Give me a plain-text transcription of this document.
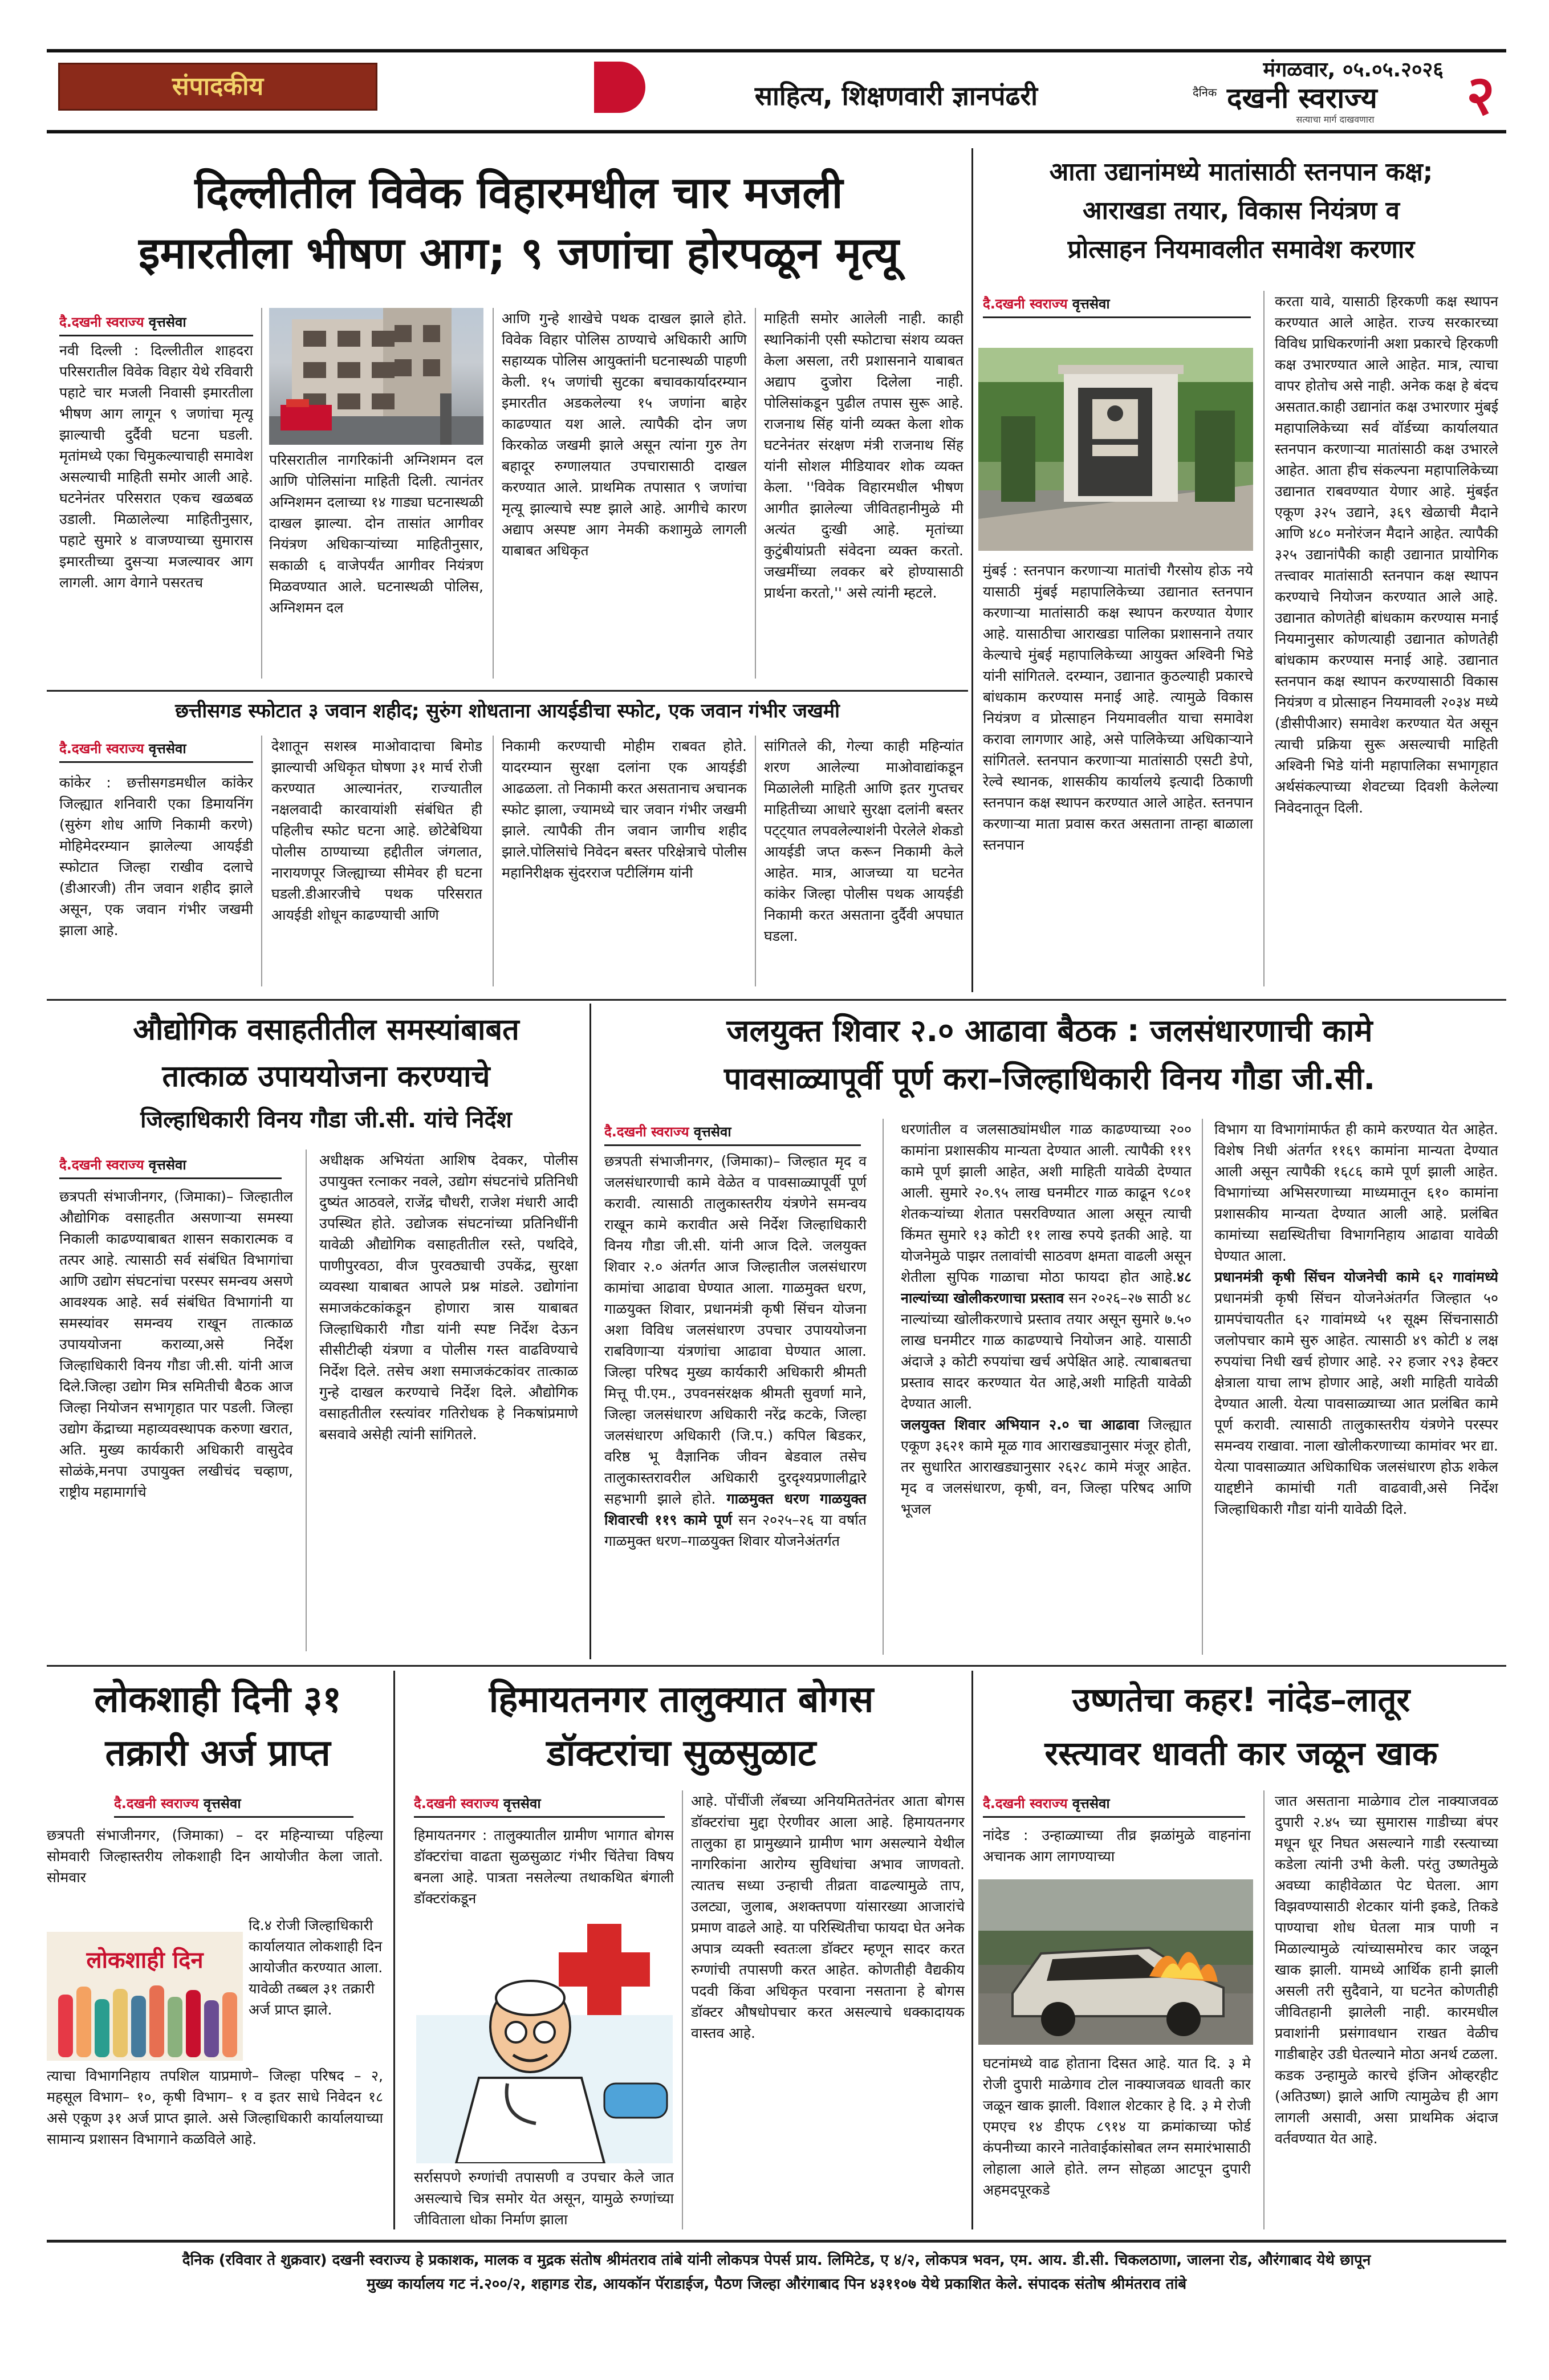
संपादकीय	साहित्य, शिक्षणवारी ज्ञानपंढरी
मंगळवार, ०५.०५.२०२६
दैनिक दखनी स्वराज्य
सत्याचा मार्ग दाखवणारा	२
दिल्लीतील विवेक विहारमधील चार मजली
इमारतीला भीषण आग; ९ जणांचा होरपळून मृत्यू
दै.दखनी स्वराज्य वृत्तसेवा

नवी दिल्ली : दिल्लीतील शाहदरा परिसरातील विवेक विहार येथे रविवारी पहाटे चार मजली निवासी इमारतीला भीषण आग लागून ९ जणांचा मृत्यू झाल्याची दुर्दैवी घटना घडली. मृतांमध्ये एका चिमुकल्याचाही समावेश असल्याची माहिती समोर आली आहे. घटनेनंतर परिसरात एकच खळबळ उडाली. मिळालेल्या माहितीनुसार, पहाटे सुमारे ४ वाजण्याच्या सुमारास इमारतीच्या दुसऱ्या मजल्यावर आग लागली. आग वेगाने पसरतच

परिसरातील नागरिकांनी अग्निशमन दल आणि पोलिसांना माहिती दिली. त्यानंतर अग्निशमन दलाच्या १४ गाड्या घटनास्थळी दाखल झाल्या. दोन तासांत आगीवर नियंत्रण अधिकाऱ्यांच्या माहितीनुसार, सकाळी ६ वाजेपर्यंत आगीवर नियंत्रण मिळवण्यात आले. घटनास्थळी पोलिस, अग्निशमन दल

आणि गुन्हे शाखेचे पथक दाखल झाले होते. विवेक विहार पोलिस ठाण्याचे अधिकारी आणि सहाय्यक पोलिस आयुक्तांनी घटनास्थळी पाहणी केली. १५ जणांची सुटका बचावकार्यादरम्यान इमारतीत अडकलेल्या १५ जणांना बाहेर काढण्यात यश आले. त्यापैकी दोन जण किरकोळ जखमी झाले असून त्यांना गुरु तेग बहादूर रुग्णालयात उपचारासाठी दाखल करण्यात आले. प्राथमिक तपासात ९ जणांचा मृत्यू झाल्याचे स्पष्ट झाले आहे. आगीचे कारण अद्याप अस्पष्ट आग नेमकी कशामुळे लागली याबाबत अधिकृत

माहिती समोर आलेली नाही. काही स्थानिकांनी एसी स्फोटाचा संशय व्यक्त केला असला, तरी प्रशासनाने याबाबत अद्याप दुजोरा दिलेला नाही. पोलिसांकडून पुढील तपास सुरू आहे. राजनाथ सिंह यांनी व्यक्त केला शोक घटनेनंतर संरक्षण मंत्री राजनाथ सिंह यांनी सोशल मीडियावर शोक व्यक्त केला. ''विवेक विहारमधील भीषण आगीत झालेल्या जीवितहानीमुळे मी अत्यंत दुःखी आहे. मृतांच्या कुटुंबीयांप्रती संवेदना व्यक्त करतो. जखमींच्या लवकर बरे होण्यासाठी प्रार्थना करतो,'' असे त्यांनी म्हटले.

छत्तीसगड स्फोटात ३ जवान शहीद; सुरुंग शोधताना आयईडीचा स्फोट, एक जवान गंभीर जखमी
दै.दखनी स्वराज्य वृत्तसेवा

कांकेर : छत्तीसगडमधील कांकेर जिल्ह्यात शनिवारी एका डिमायनिंग (सुरुंग शोध आणि निकामी करणे) मोहिमेदरम्यान झालेल्या आयईडी स्फोटात जिल्हा राखीव दलाचे (डीआरजी) तीन जवान शहीद झाले असून, एक जवान गंभीर जखमी झाला आहे.

देशातून सशस्त्र माओवादाचा बिमोड झाल्याची अधिकृत घोषणा ३१ मार्च रोजी करण्यात आल्यानंतर, राज्यातील नक्षलवादी कारवायांशी संबंधित ही पहिलीच स्फोट घटना आहे. छोटेबेथिया पोलीस ठाण्याच्या हद्दीतील जंगलात, नारायणपूर जिल्ह्याच्या सीमेवर ही घटना घडली.डीआरजीचे पथक परिसरात आयईडी शोधून काढण्याची आणि

निकामी करण्याची मोहीम राबवत होते. यादरम्यान सुरक्षा दलांना एक आयईडी आढळला. तो निकामी करत असतानाच अचानक स्फोट झाला, ज्यामध्ये चार जवान गंभीर जखमी झाले. त्यापैकी तीन जवान जागीच शहीद झाले.पोलिसांचे निवेदन बस्तर परिक्षेत्राचे पोलीस महानिरीक्षक सुंदरराज पटीलिंगम यांनी

सांगितले की, गेल्या काही महिन्यांत शरण आलेल्या माओवाद्यांकडून मिळालेली माहिती आणि इतर गुप्तचर माहितीच्या आधारे सुरक्षा दलांनी बस्तर पट्ट्यात लपवलेल्याशंनी पेरलेले शेकडो आयईडी जप्त करून निकामी केले आहेत. मात्र, आजच्या या घटनेत कांकेर जिल्हा पोलीस पथक आयईडी निकामी करत असताना दुर्दैवी अपघात घडला.

आता उद्यानांमध्ये मातांसाठी स्तनपान कक्ष;
आराखडा तयार, विकास नियंत्रण व
प्रोत्साहन नियमावलीत समावेश करणार
दै.दखनी स्वराज्य वृत्तसेवा

मुंबई : स्तनपान करणाऱ्या मातांची गैरसोय होऊ नये यासाठी मुंबई महापालिकेच्या उद्यानात स्तनपान करणाऱ्या मातांसाठी कक्ष स्थापन करण्यात येणार आहे. यासाठीचा आराखडा पालिका प्रशासनाने तयार केल्याचे मुंबई महापालिकेच्या आयुक्त अश्विनी भिडे यांनी सांगितले. दरम्यान, उद्यानात कुठल्याही प्रकारचे बांधकाम करण्यास मनाई आहे. त्यामुळे विकास नियंत्रण व प्रोत्साहन नियमावलीत याचा समावेश करावा लागणार आहे, असे पालिकेच्या अधिकाऱ्याने सांगितले. स्तनपान करणाऱ्या मातांसाठी एसटी डेपो, रेल्वे स्थानक, शासकीय कार्यालये इत्यादी ठिकाणी स्तनपान कक्ष स्थापन करण्यात आले आहेत. स्तनपान करणाऱ्या माता प्रवास करत असताना तान्हा बाळाला स्तनपान

करता यावे, यासाठी हिरकणी कक्ष स्थापन करण्यात आले आहेत. राज्य सरकारच्या विविध प्राधिकरणांनी अशा प्रकारचे हिरकणी कक्ष उभारण्यात आले आहेत. मात्र, त्याचा वापर होतोच असे नाही. अनेक कक्ष हे बंदच असतात.काही उद्यानांत कक्ष उभारणार मुंबई महापालिकेच्या सर्व वॉर्डच्या कार्यालयात स्तनपान करणाऱ्या मातांसाठी कक्ष उभारले आहेत. आता हीच संकल्पना महापालिकेच्या उद्यानात राबवण्यात येणार आहे. मुंबईत एकूण ३२५ उद्याने, ३६९ खेळाची मैदाने आणि ४८० मनोरंजन मैदाने आहेत. त्यापैकी ३२५ उद्यानांपैकी काही उद्यानात प्रायोगिक तत्त्वावर मातांसाठी स्तनपान कक्ष स्थापन करण्याचे नियोजन करण्यात आले आहे. उद्यानात कोणतेही बांधकाम करण्यास मनाई नियमानुसार कोणत्याही उद्यानात कोणतेही बांधकाम करण्यास मनाई आहे. उद्यानात स्तनपान कक्ष स्थापन करण्यासाठी विकास नियंत्रण व प्रोत्साहन नियमावली २०३४ मध्ये (डीसीपीआर) समावेश करण्यात येत असून त्याची प्रक्रिया सुरू असल्याची माहिती अश्विनी भिडे यांनी महापालिका सभागृहात अर्थसंकल्पाच्या शेवटच्या दिवशी केलेल्या निवेदनातून दिली.

औद्योगिक वसाहतीतील समस्यांबाबत
तात्काळ उपाययोजना करण्याचे
जिल्हाधिकारी विनय गौडा जी.सी. यांचे निर्देश
दै.दखनी स्वराज्य वृत्तसेवा

छत्रपती संभाजीनगर, (जिमाका)– जिल्हातील औद्योगिक वसाहतीत असणाऱ्या समस्या निकाली काढण्याबाबत शासन सकारात्मक व तत्पर आहे. त्यासाठी सर्व संबंधित विभागांचा आणि उद्योग संघटनांचा परस्पर समन्वय असणे आवश्यक आहे. सर्व संबंधित विभागांनी या समस्यांवर समन्वय राखून तात्काळ उपाययोजना कराव्या,असे निर्देश जिल्हाधिकारी विनय गौडा जी.सी. यांनी आज दिले.जिल्हा उद्योग मित्र समितीची बैठक आज जिल्हा नियोजन सभागृहात पार पडली. जिल्हा उद्योग केंद्राच्या महाव्यवस्थापक करुणा खरात, अति. मुख्य कार्यकारी अधिकारी वासुदेव सोळंके,मनपा उपायुक्त लखीचंद चव्हाण, राष्ट्रीय महामार्गाचे

अधीक्षक अभियंता आशिष देवकर, पोलीस उपायुक्त रत्नाकर नवले, उद्योग संघटनांचे प्रतिनिधी दुष्यंत आठवले, राजेंद्र चौधरी, राजेश मंधारी आदी उपस्थित होते. उद्योजक संघटनांच्या प्रतिनिधींनी यावेळी औद्योगिक वसाहतीतील रस्ते, पथदिवे, पाणीपुरवठा, वीज पुरवठ्याची उपकेंद्र, सुरक्षा व्यवस्था याबाबत आपले प्रश्न मांडले. उद्योगांना समाजकंटकांकडून होणारा त्रास याबाबत जिल्हाधिकारी गौडा यांनी स्पष्ट निर्देश देऊन सीसीटीव्ही यंत्रणा व पोलीस गस्त वाढविण्याचे निर्देश दिले. तसेच अशा समाजकंटकांवर तात्काळ गुन्हे दाखल करण्याचे निर्देश दिले. औद्योगिक वसाहतीतील रस्त्यांवर गतिरोधक हे निकषांप्रमाणे बसवावे असेही त्यांनी सांगितले.

जलयुक्त शिवार २.० आढावा बैठक : जलसंधारणाची कामे
पावसाळ्यापूर्वी पूर्ण करा–जिल्हाधिकारी विनय गौडा जी.सी.
दै.दखनी स्वराज्य वृत्तसेवा

छत्रपती संभाजीनगर, (जिमाका)– जिल्हात मृद व जलसंधारणाची कामे वेळेत व पावसाळ्यापूर्वी पूर्ण करावी. त्यासाठी तालुकास्तरीय यंत्रणेने समन्वय राखून कामे करावीत असे निर्देश जिल्हाधिकारी विनय गौडा जी.सी. यांनी आज दिले. जलयुक्त शिवार २.० अंतर्गत आज जिल्हातील जलसंधारण कामांचा आढावा घेण्यात आला. गाळमुक्त धरण, गाळयुक्त शिवार, प्रधानमंत्री कृषी सिंचन योजना अशा विविध जलसंधारण उपचार उपाययोजना राबविणाऱ्या यंत्रणांचा आढावा घेण्यात आला. जिल्हा परिषद मुख्य कार्यकारी अधिकारी श्रीमती मित्तू पी.एम., उपवनसंरक्षक श्रीमती सुवर्णा माने, जिल्हा जलसंधारण अधिकारी नरेंद्र कटके, जिल्हा जलसंधारण अधिकारी (जि.प.) कपिल बिडकर, वरिष्ठ भू वैज्ञानिक जीवन बेडवाल तसेच तालुकास्तरावरील अधिकारी दुरदृश्यप्रणालीद्वारे सहभागी झाले होते. गाळमुक्त धरण गाळयुक्त शिवारची ११९ कामे पूर्ण सन २०२५–२६ या वर्षात गाळमुक्त धरण–गाळयुक्त शिवार योजनेअंतर्गत

धरणांतील व जलसाठ्यांमधील गाळ काढण्याच्या २०० कामांना प्रशासकीय मान्यता देण्यात आली. त्यापैकी ११९ कामे पूर्ण झाली आहेत, अशी माहिती यावेळी देण्यात आली. सुमारे २०.९५ लाख घनमीटर गाळ काढून ९८०१ शेतकऱ्यांच्या शेतात पसरविण्यात आला असून त्याची किंमत सुमारे १३ कोटी ११ लाख रुपये इतकी आहे. या योजनेमुळे पाझर तलावांची साठवण क्षमता वाढली असून शेतीला सुपिक गाळाचा मोठा फायदा होत आहे.४८ नाल्यांच्या खोलीकरणाचा प्रस्ताव सन २०२६–२७ साठी ४८ नाल्यांच्या खोलीकरणाचे प्रस्ताव तयार असून सुमारे ७.५० लाख घनमीटर गाळ काढण्याचे नियोजन आहे. यासाठी अंदाजे ३ कोटी रुपयांचा खर्च अपेक्षित आहे. त्याबाबतचा प्रस्ताव सादर करण्यात येत आहे,अशी माहिती यावेळी देण्यात आली.

जलयुक्त शिवार अभियान २.० चा आढावा जिल्ह्यात एकूण ३६२१ कामे मूळ गाव आराखड्यानुसार मंजूर होती, तर सुधारित आराखड्यानुसार २६२८ कामे मंजूर आहेत. मृद व जलसंधारण, कृषी, वन, जिल्हा परिषद आणि भूजल

विभाग या विभागांमार्फत ही कामे करण्यात येत आहेत. विशेष निधी अंतर्गत ११६९ कामांना मान्यता देण्यात आली असून त्यापैकी १६८६ कामे पूर्ण झाली आहेत. विभागांच्या अभिसरणाच्या माध्यमातून ६१० कामांना प्रशासकीय मान्यता देण्यात आली आहे. प्रलंबित कामांच्या सद्यस्थितीचा विभागनिहाय आढावा यावेळी घेण्यात आला.

प्रधानमंत्री कृषी सिंचन योजनेची कामे ६२ गावांमध्ये प्रधानमंत्री कृषी सिंचन योजनेअंतर्गत जिल्हात ५० ग्रामपंचायतीत ६२ गावांमध्ये ५१ सूक्ष्म सिंचनासाठी जलोपचार कामे सुरु आहेत. त्यासाठी ४९ कोटी ४ लक्ष रुपयांचा निधी खर्च होणार आहे. २२ हजार २९३ हेक्टर क्षेत्राला याचा लाभ होणार आहे, अशी माहिती यावेळी देण्यात आली. येत्या पावसाळ्याच्या आत प्रलंबित कामे पूर्ण करावी. त्यासाठी तालुकास्तरीय यंत्रणेने परस्पर समन्वय राखावा. नाला खोलीकरणाच्या कामांवर भर द्या. येत्या पावसाळ्यात अधिकाधिक जलसंधारण होऊ शकेल याद्दष्टीने कामांची गती वाढवावी,असे निर्देश जिल्हाधिकारी गौडा यांनी यावेळी दिले.

लोकशाही दिनी ३१
तक्रारी अर्ज प्राप्त
दै.दखनी स्वराज्य वृत्तसेवा

छत्रपती संभाजीनगर, (जिमाका) – दर महिन्याच्या पहिल्या सोमवारी जिल्हास्तरीय लोकशाही दिन आयोजीत केला जातो. सोमवार

लोकशाही दिन

दि.४ रोजी जिल्हाधिकारी कार्यालयात लोकशाही दिन आयोजीत करण्यात आला. यावेळी तब्बल ३१ तक्रारी अर्ज प्राप्त झाले.

त्याचा विभागनिहाय तपशिल याप्रमाणे– जिल्हा परिषद – २, महसूल विभाग– १०, कृषी विभाग– १ व इतर साधे निवेदन १८ असे एकूण ३१ अर्ज प्राप्त झाले. असे जिल्हाधिकारी कार्यालयाच्या सामान्य प्रशासन विभागाने कळविले आहे.

हिमायतनगर तालुक्यात बोगस
डॉक्टरांचा सुळसुळाट
दै.दखनी स्वराज्य वृत्तसेवा

हिमायतनगर : तालुक्यातील ग्रामीण भागात बोगस डॉक्टरांचा वाढता सुळसुळाट गंभीर चिंतेचा विषय बनला आहे. पात्रता नसलेल्या तथाकथित बंगाली डॉक्टरांकडून

सर्रासपणे रुग्णांची तपासणी व उपचार केले जात असल्याचे चित्र समोर येत असून, यामुळे रुग्णांच्या जीविताला धोका निर्माण झाला

आहे. पोंचींजी लॅबच्या अनियमिततेनंतर आता बोगस डॉक्टरांचा मुद्दा ऐरणीवर आला आहे. हिमायतनगर तालुका हा प्रामुख्याने ग्रामीण भाग असल्याने येथील नागरिकांना आरोग्य सुविधांचा अभाव जाणवतो. त्यातच सध्या उन्हाची तीव्रता वाढल्यामुळे ताप, उलट्या, जुलाब, अशक्तपणा यांसारख्या आजारांचे प्रमाण वाढले आहे. या परिस्थितीचा फायदा घेत अनेक अपात्र व्यक्ती स्वतःला डॉक्टर म्हणून सादर करत रुग्णांची तपासणी करत आहेत. कोणतीही वैद्यकीय पदवी किंवा अधिकृत परवाना नसताना हे बोगस डॉक्टर औषधोपचार करत असल्याचे धक्कादायक वास्तव आहे.

उष्णतेचा कहर! नांदेड–लातूर
रस्त्यावर धावती कार जळून खाक
दै.दखनी स्वराज्य वृत्तसेवा

नांदेड : उन्हाळ्याच्या तीव्र झळांमुळे वाहनांना अचानक आग लागण्याच्या

घटनांमध्ये वाढ होताना दिसत आहे. यात दि. ३ मे रोजी दुपारी माळेगाव टोल नाक्याजवळ धावती कार जळून खाक झाली. विशाल शेटकार हे दि. ३ मे रोजी एमएच १४ डीएफ ८९१४ या क्रमांकाच्या फोर्ड कंपनीच्या कारने नातेवाईकांसोबत लग्न समारंभासाठी लोहाला आले होते. लग्न सोहळा आटपून दुपारी अहमदपूरकडे

जात असताना माळेगाव टोल नाक्याजवळ दुपारी २.४५ च्या सुमारास गाडीच्या बंपर मधून धूर निघत असल्याने गाडी रस्त्याच्या कडेला त्यांनी उभी केली. परंतु उष्णतेमुळे अवघ्या काहीवेळात पेट घेतला. आग विझवण्यासाठी शेटकार यांनी इकडे, तिकडे पाण्याचा शोध घेतला मात्र पाणी न मिळाल्यामुळे त्यांच्यासमोरच कार जळून खाक झाली. यामध्ये आर्थिक हानी झाली असली तरी सुदैवाने, या घटनेत कोणतीही जीवितहानी झालेली नाही. कारमधील प्रवाशांनी प्रसंगावधान राखत वेळीच गाडीबाहेर उडी घेतल्याने मोठा अनर्थ टळला. कडक उन्हामुळे कारचे इंजिन ओव्हरहीट (अतिउष्ण) झाले आणि त्यामुळेच ही आग लागली असावी, असा प्राथमिक अंदाज वर्तवण्यात येत आहे.

दैनिक (रविवार ते शुक्रवार) दखनी स्वराज्य हे प्रकाशक, मालक व मुद्रक संतोष श्रीमंतराव तांबे यांनी लोकपत्र पेपर्स प्राय. लिमिटेड, ए ४/२, लोकपत्र भवन, एम. आय. डी.सी. चिकलठाणा, जालना रोड, औरंगाबाद येथे छापून
मुख्य कार्यालय गट नं.२००/२, शहागड रोड, आयकॉन पॅराडाईज, पैठण जिल्हा औरंगाबाद पिन ४३११०७ येथे प्रकाशित केले. संपादक संतोष श्रीमंतराव तांबे
